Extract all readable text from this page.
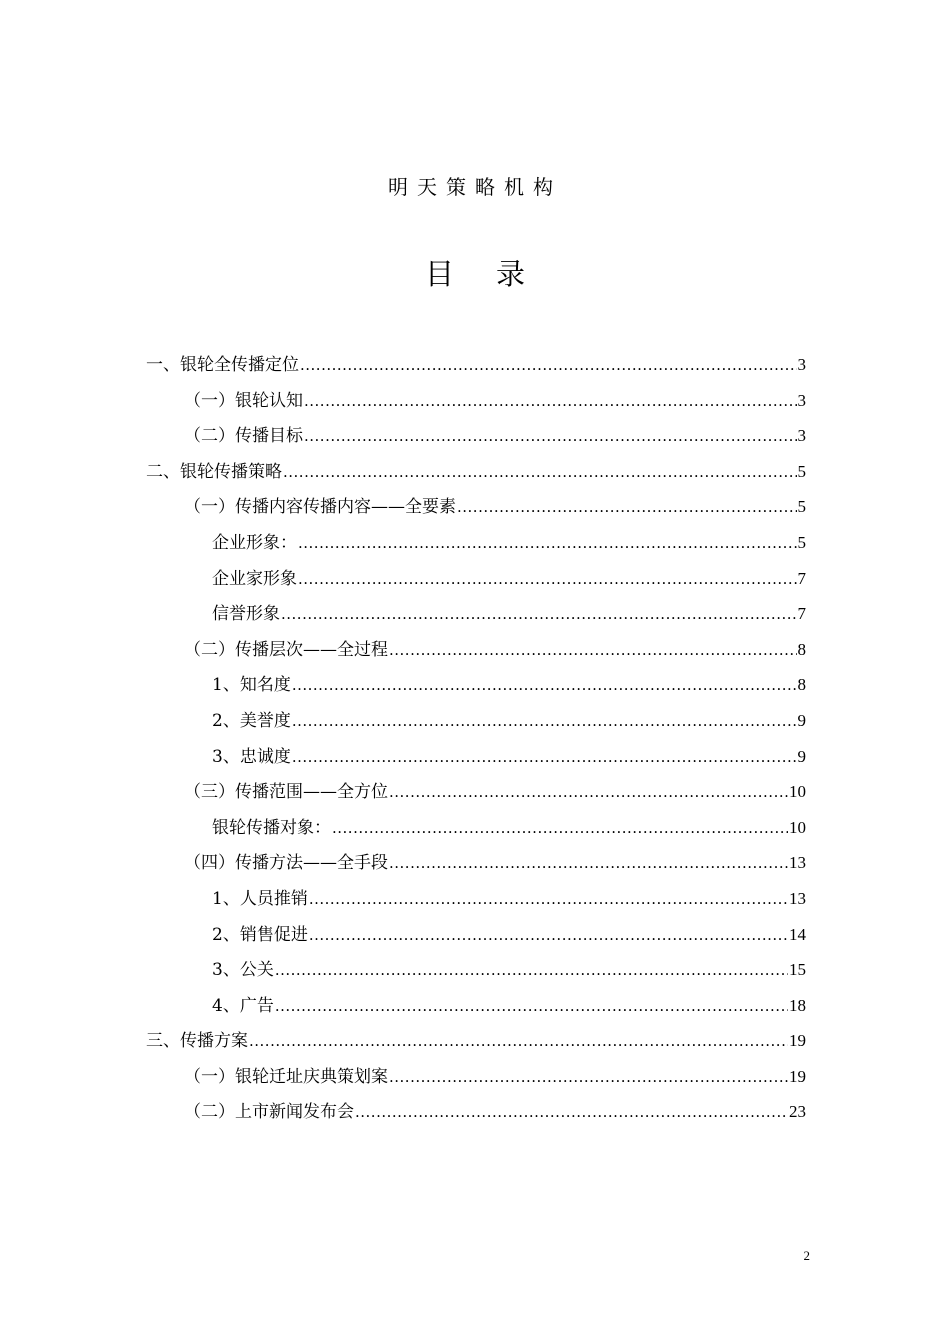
明天策略机构
目录
一、银轮全传播定位 .....	3
（一）银轮认知 .....	3
（二）传播目标 .....	3
二、银轮传播策略 .....	5
（一）传播内容传播内容——全要素 .....	5
企业形象： .....	5
企业家形象 .....	7
信誉形象 .....	7
（二）传播层次——全过程 .....	8
1、知名度 .....	8
2、美誉度 .....	9
3、忠诚度 .....	9
（三）传播范围——全方位 .....	10
银轮传播对象： .....	10
（四）传播方法——全手段 .....	13
1、人员推销 .....	13
2、销售促进 .....	14
3、公关 .....	15
4、广告 .....	18
三、传播方案 .....	19
（一）银轮迁址庆典策划案 .....	19
（二）上市新闻发布会 .....	23
2
